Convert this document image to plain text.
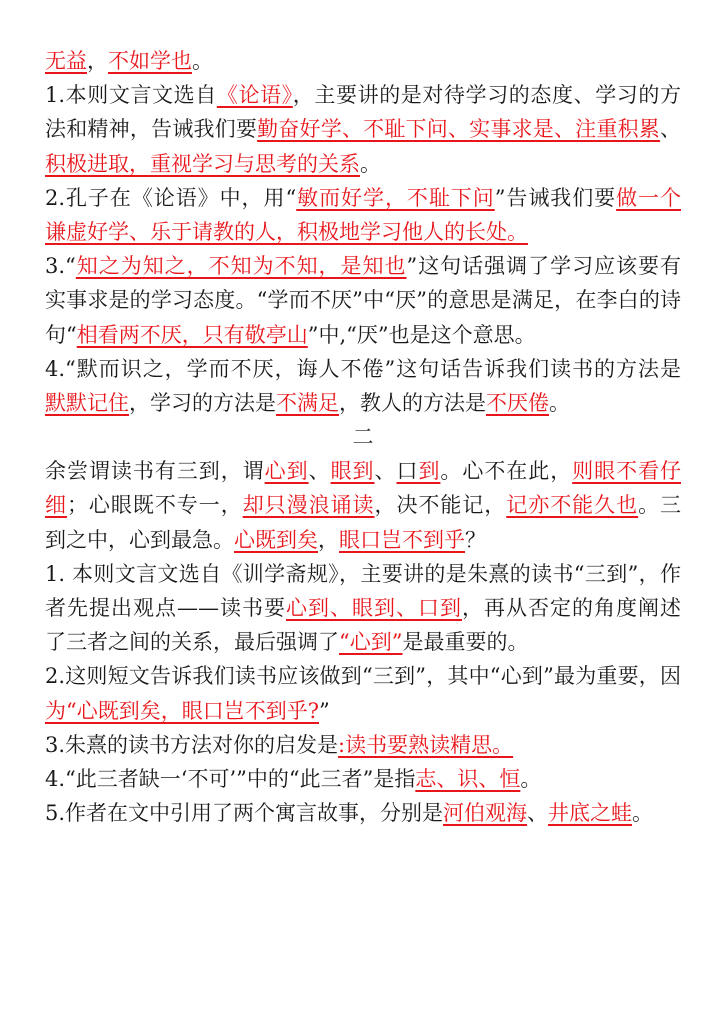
无益，不如学也。
1.本则文言文选自《论语》，主要讲的是对待学习的态度、学习的方
法和精神，告诫我们要勤奋好学、不耻下问、实事求是、注重积累、
积极进取，重视学习与思考的关系。
2.孔子在《论语》中，用“敏而好学，不耻下问”告诫我们要做一个
谦虚好学、乐于请教的人，积极地学习他人的长处。
3.“知之为知之，不知为不知，是知也”这句话强调了学习应该要有
实事求是的学习态度。“学而不厌”中“厌”的意思是满足，在李白的诗
句“相看两不厌，只有敬亭山”中,“厌”也是这个意思。
4.“默而识之，学而不厌，诲人不倦”这句话告诉我们读书的方法是
默默记住，学习的方法是不满足，教人的方法是不厌倦。
二
余尝谓读书有三到，谓心到、眼到、口到。心不在此，则眼不看仔
细；心眼既不专一，却只漫浪诵读，决不能记，记亦不能久也。三
到之中，心到最急。心既到矣，眼口岂不到乎？
1. 本则文言文选自《训学斋规》，主要讲的是朱熹的读书“三到”，作
者先提出观点——读书要心到、眼到、口到，再从否定的角度阐述
了三者之间的关系，最后强调了“心到”是最重要的。
2.这则短文告诉我们读书应该做到“三到”，其中“心到”最为重要，因
为“心既到矣，眼口岂不到乎?”
3.朱熹的读书方法对你的启发是:读书要熟读精思。
4.“此三者缺一‘不可’”中的“此三者”是指志、识、恒。
5.作者在文中引用了两个寓言故事，分别是河伯观海、井底之蛙。
